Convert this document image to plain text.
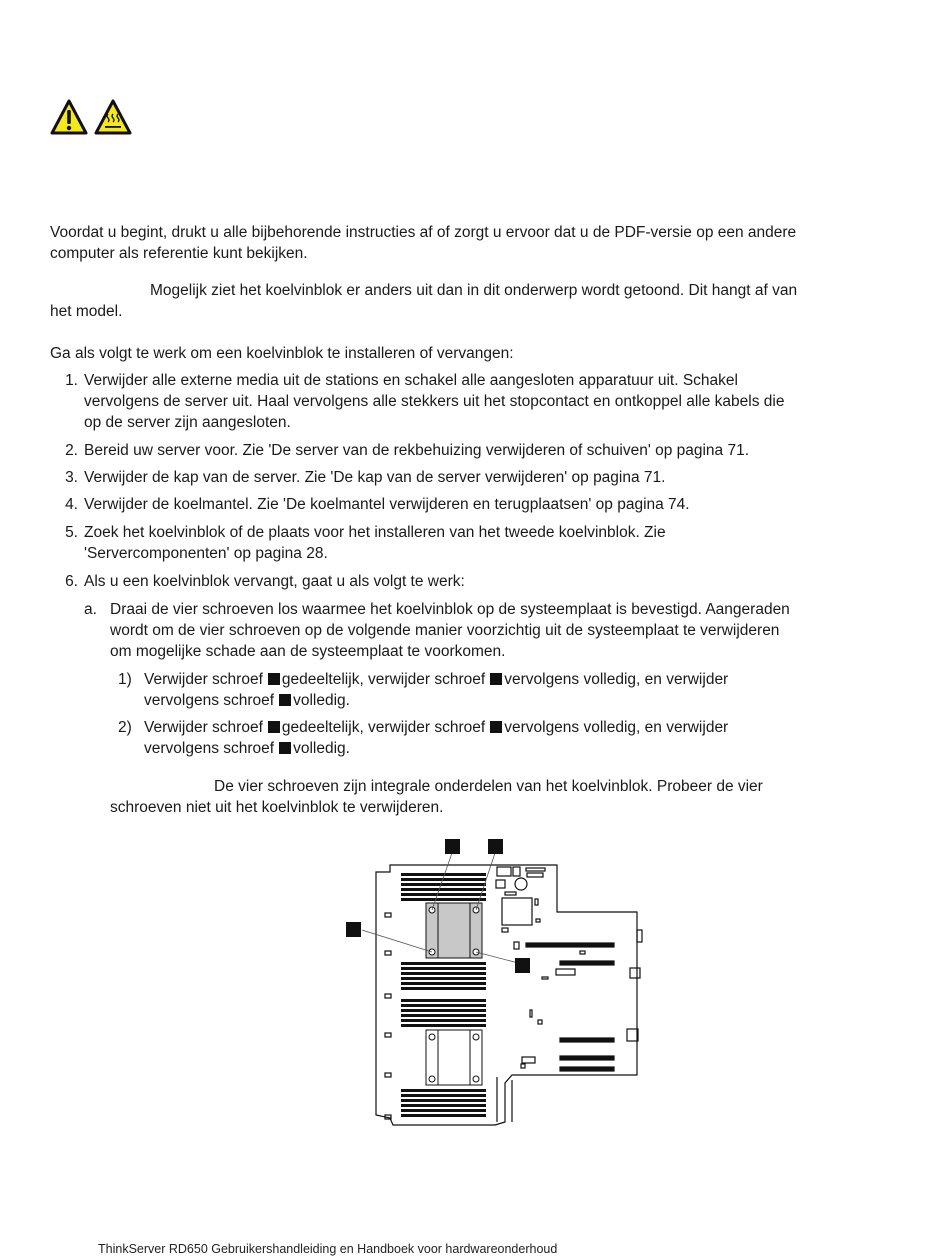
Voordat u begint, drukt u alle bijbehorende instructies af of zorgt u ervoor dat u de PDF-versie op een andere
computer als referentie kunt bekijken.

Mogelijk ziet het koelvinblok er anders uit dan in dit onderwerp wordt getoond. Dit hangt af van
het model.

Ga als volgt te werk om een koelvinblok te installeren of vervangen:

1. Verwijder alle externe media uit de stations en schakel alle aangesloten apparatuur uit. Schakel
vervolgens de server uit. Haal vervolgens alle stekkers uit het stopcontact en ontkoppel alle kabels die
op de server zijn aangesloten.
2. Bereid uw server voor. Zie 'De server van de rekbehuizing verwijderen of schuiven' op pagina 71.
3. Verwijder de kap van de server. Zie 'De kap van de server verwijderen' op pagina 71.
4. Verwijder de koelmantel. Zie 'De koelmantel verwijderen en terugplaatsen' op pagina 74.
5. Zoek het koelvinblok of de plaats voor het installeren van het tweede koelvinblok. Zie
'Servercomponenten' op pagina 28.
6. Als u een koelvinblok vervangt, gaat u als volgt te werk:
a. Draai de vier schroeven los waarmee het koelvinblok op de systeemplaat is bevestigd. Aangeraden
wordt om de vier schroeven op de volgende manier voorzichtig uit de systeemplaat te verwijderen
om mogelijke schade aan de systeemplaat te voorkomen.
1) Verwijder schroef gedeeltelijk, verwijder schroef vervolgens volledig, en verwijder
vervolgens schroef volledig.
2) Verwijder schroef gedeeltelijk, verwijder schroef vervolgens volledig, en verwijder
vervolgens schroef volledig.

De vier schroeven zijn integrale onderdelen van het koelvinblok. Probeer de vier
schroeven niet uit het koelvinblok te verwijderen.

ThinkServer RD650 Gebruikershandleiding en Handboek voor hardwareonderhoud
